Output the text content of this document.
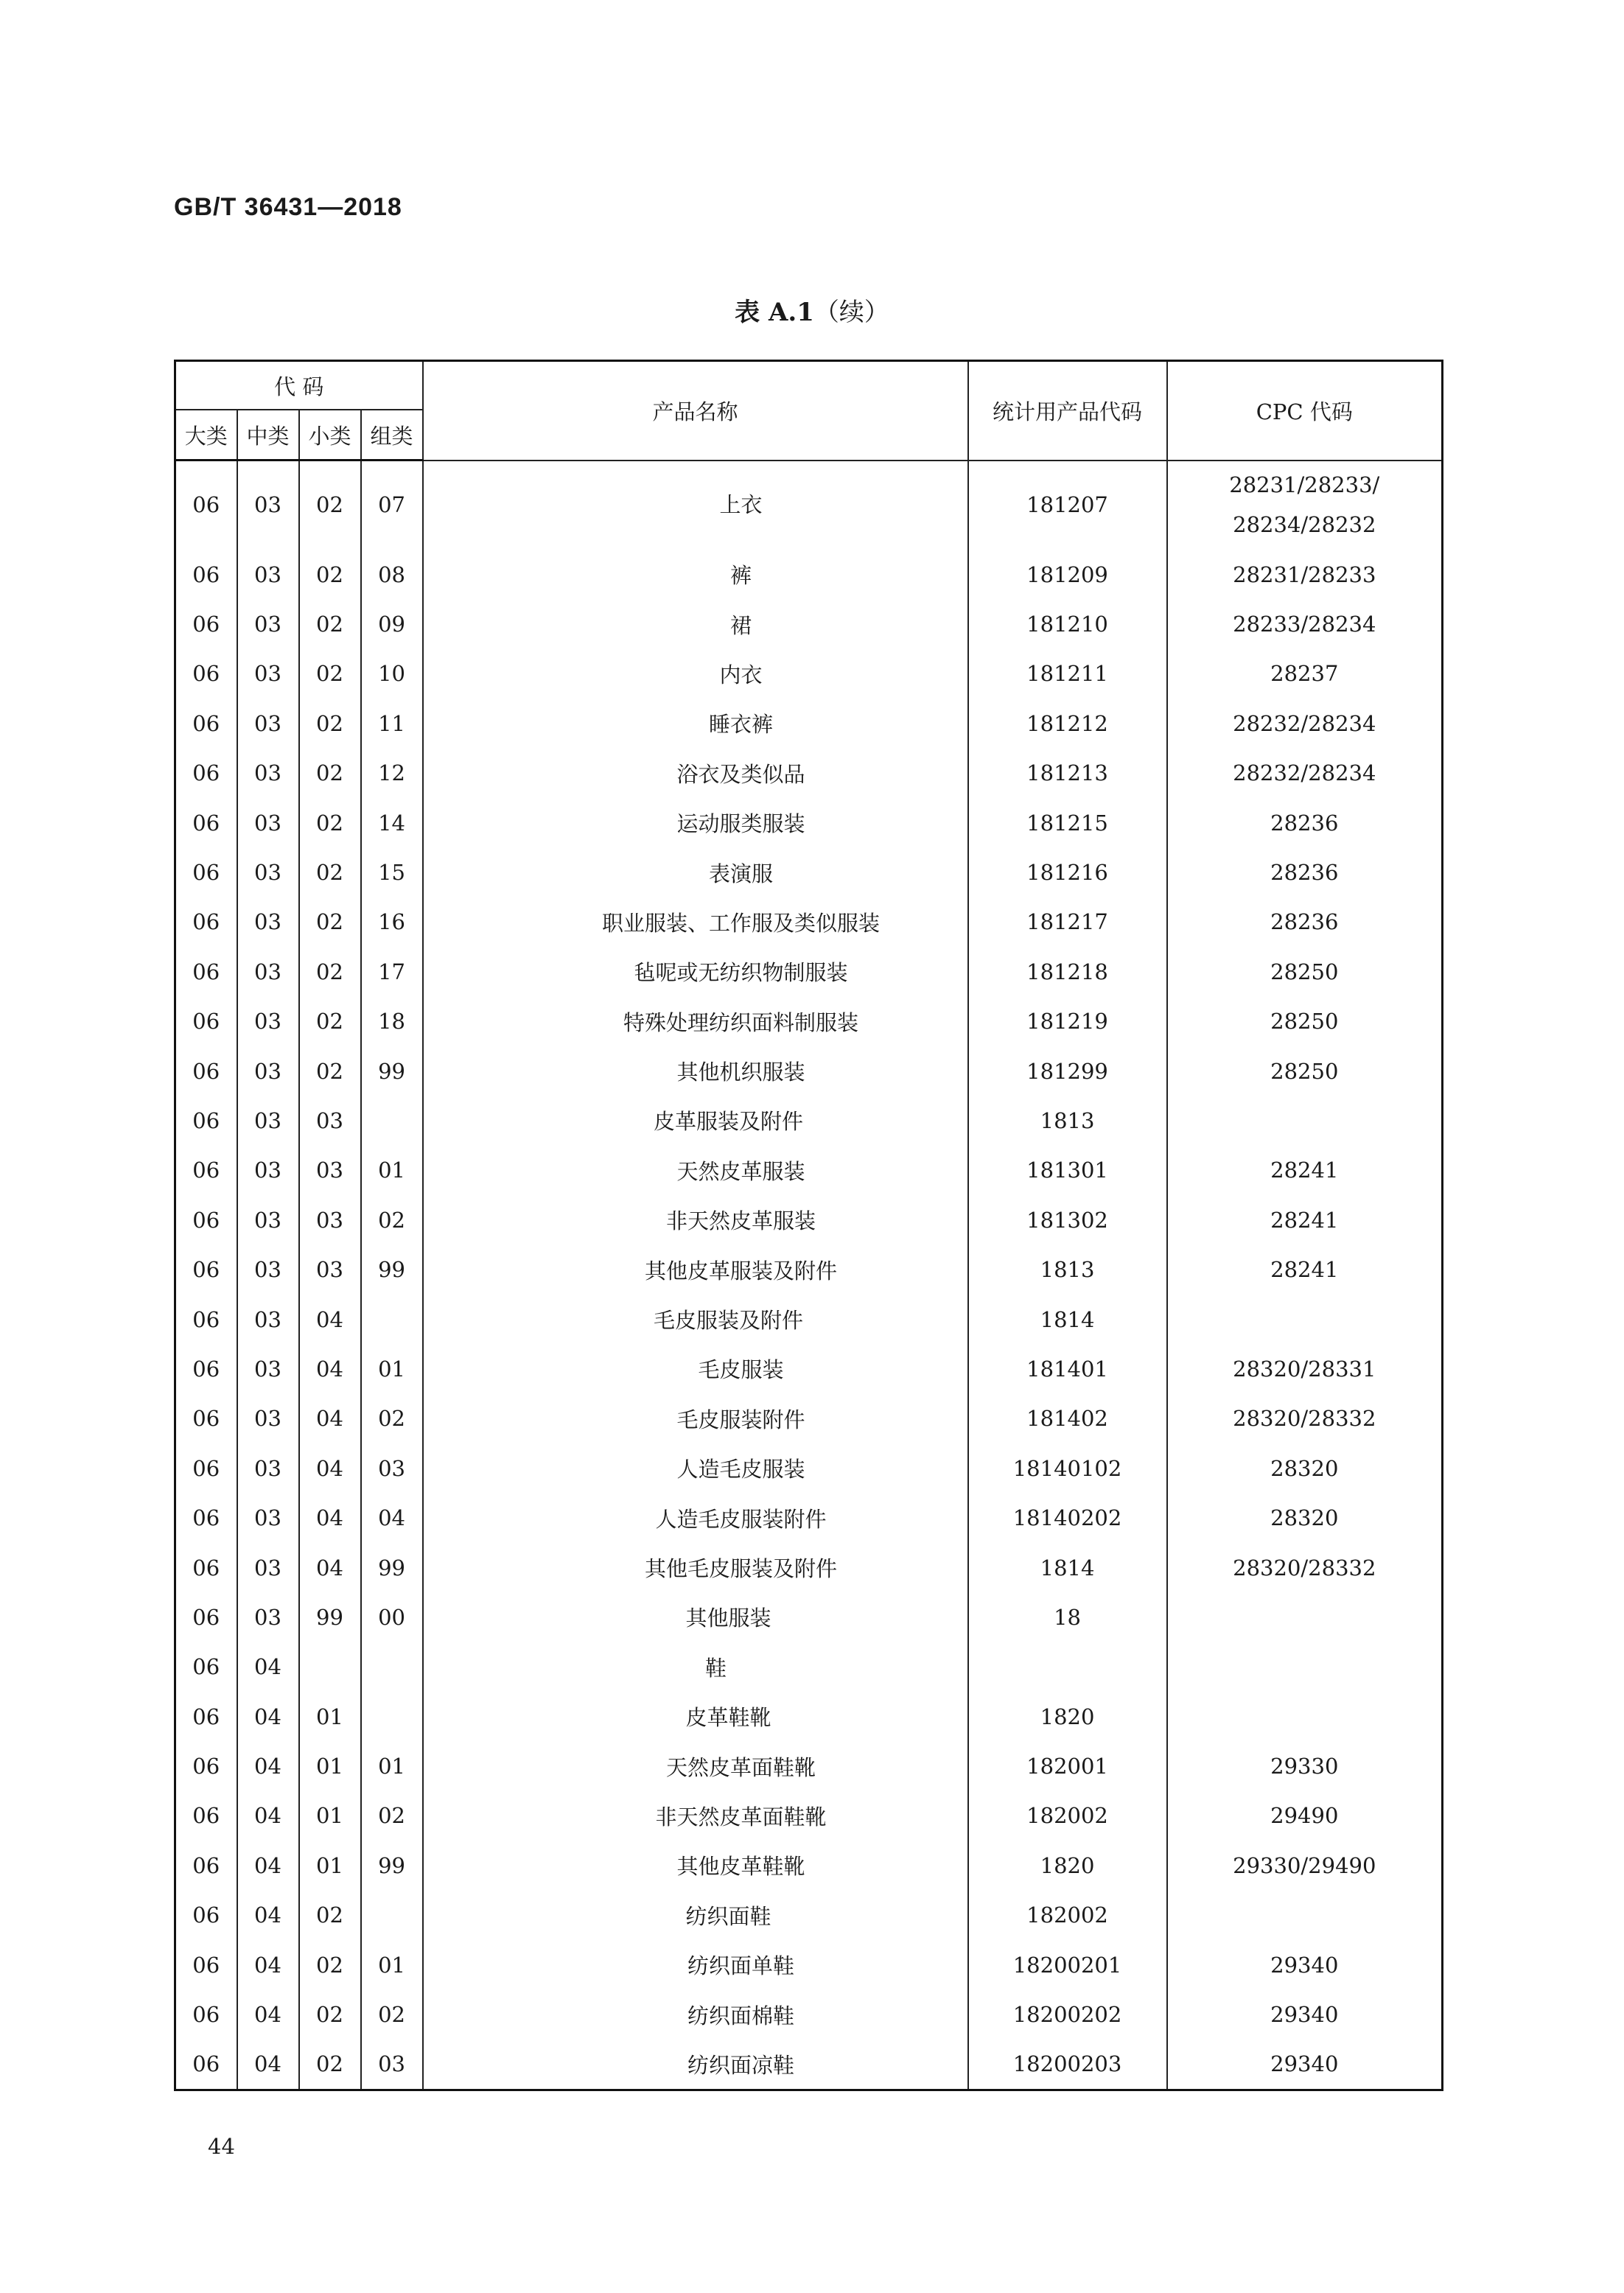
GB/T 36431—2018
表 A.1（续）
代 码				产品名称	统计用产品代码	CPC 代码
大类	中类	小类	组类			
06	03	02	07	上衣	181207	28231/28233/
28234/28232

06	03	02	08	裤	181209	28231/28233
06	03	02	09	裙	181210	28233/28234
06	03	02	10	内衣	181211	28237
06	03	02	11	睡衣裤	181212	28232/28234
06	03	02	12	浴衣及类似品	181213	28232/28234
06	03	02	14	运动服类服装	181215	28236
06	03	02	15	表演服	181216	28236
06	03	02	16	职业服装、工作服及类似服装	181217	28236
06	03	02	17	毡呢或无纺织物制服装	181218	28250
06	03	02	18	特殊处理纺织面料制服装	181219	28250
06	03	02	99	其他机织服装	181299	28250
06	03	03		皮革服装及附件	1813	
06	03	03	01	天然皮革服装	181301	28241
06	03	03	02	非天然皮革服装	181302	28241
06	03	03	99	其他皮革服装及附件	1813	28241
06	03	04		毛皮服装及附件	1814	
06	03	04	01	毛皮服装	181401	28320/28331
06	03	04	02	毛皮服装附件	181402	28320/28332
06	03	04	03	人造毛皮服装	18140102	28320
06	03	04	04	人造毛皮服装附件	18140202	28320
06	03	04	99	其他毛皮服装及附件	1814	28320/28332
06	03	99	00	其他服装	18	
06	04			鞋		
06	04	01		皮革鞋靴	1820	
06	04	01	01	天然皮革面鞋靴	182001	29330
06	04	01	02	非天然皮革面鞋靴	182002	29490
06	04	01	99	其他皮革鞋靴	1820	29330/29490
06	04	02		纺织面鞋	182002	
06	04	02	01	纺织面单鞋	18200201	29340
06	04	02	02	纺织面棉鞋	18200202	29340
06	04	02	03	纺织面凉鞋	18200203	29340
44
